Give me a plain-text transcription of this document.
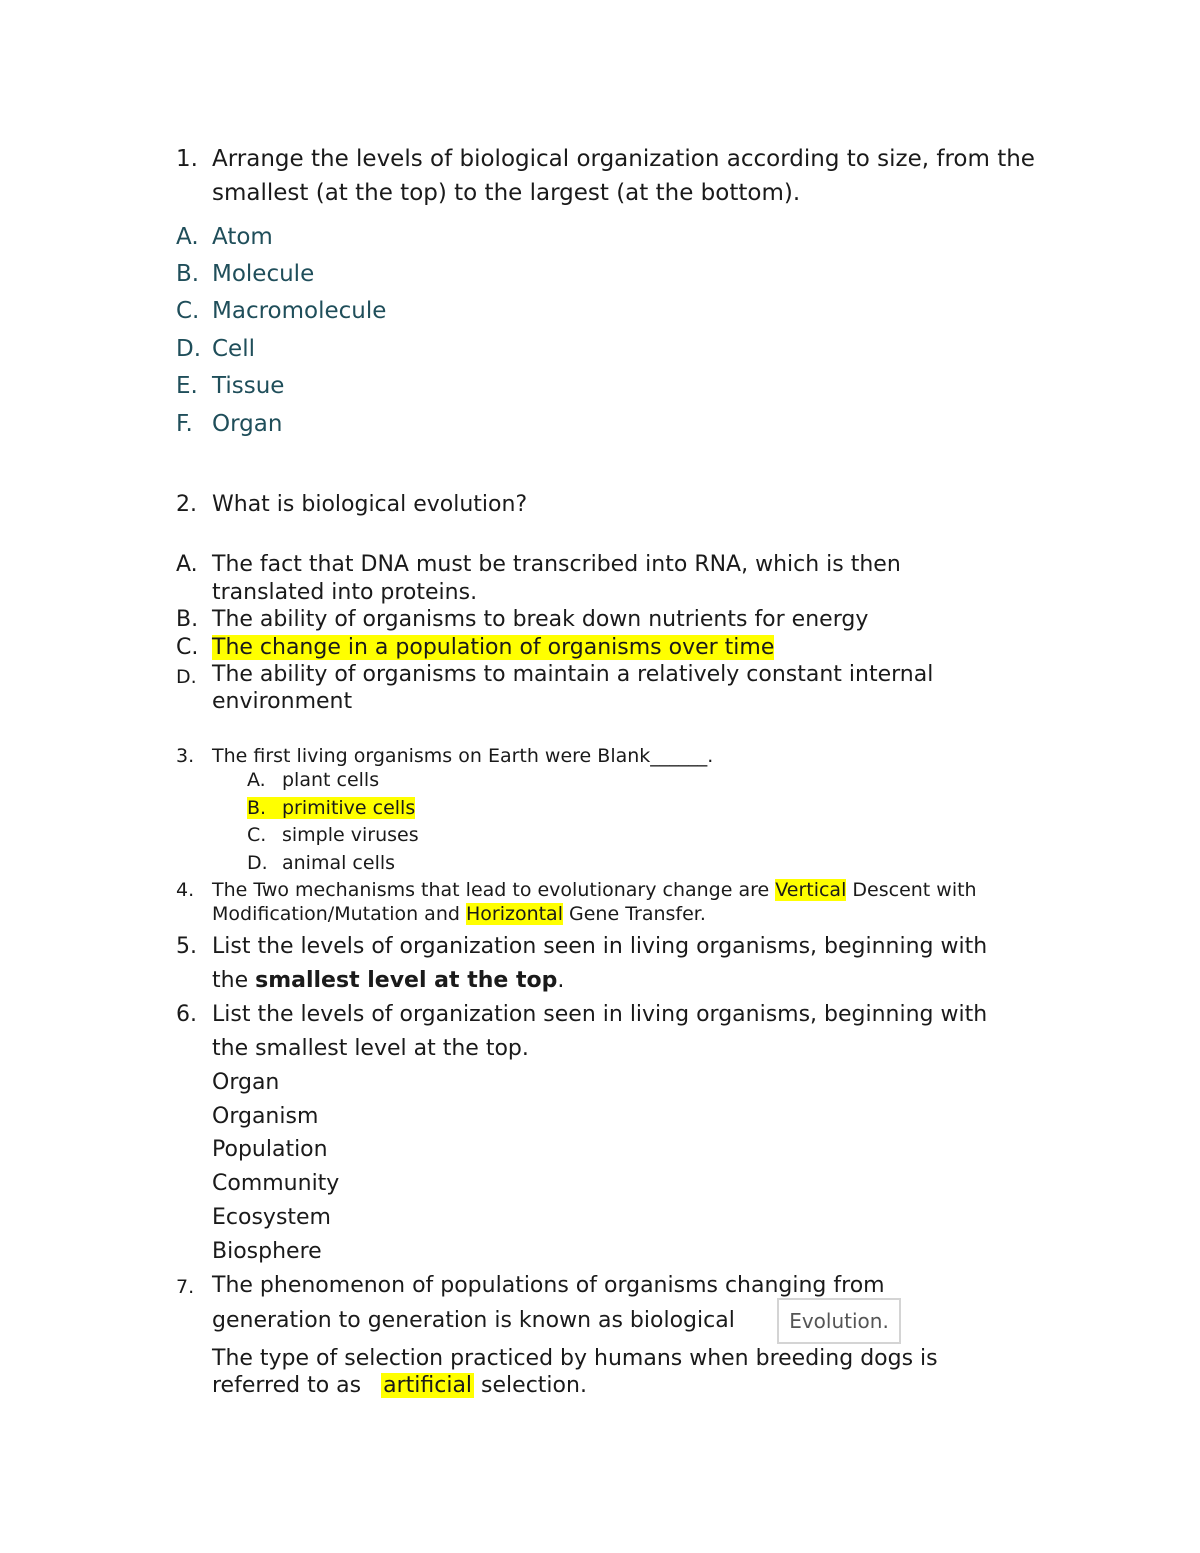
1. Arrange the levels of biological organization according to size, from the
smallest (at the top) to the largest (at the bottom).
A. Atom
B. Molecule
C. Macromolecule
D. Cell
E. Tissue
F. Organ
2. What is biological evolution?
A. The fact that DNA must be transcribed into RNA, which is then
translated into proteins.
B. The ability of organisms to break down nutrients for energy
C. The change in a population of organisms over time
D. The ability of organisms to maintain a relatively constant internal
environment
3. The first living organisms on Earth were Blank______.
A. plant cells
B. primitive cells
C. simple viruses
D. animal cells
4. The Two mechanisms that lead to evolutionary change are Vertical Descent with
Modification/Mutation and Horizontal Gene Transfer.
5. List the levels of organization seen in living organisms, beginning with
the smallest level at the top.
6. List the levels of organization seen in living organisms, beginning with
the smallest level at the top.
Organ
Organism
Population
Community
Ecosystem
Biosphere
7. The phenomenon of populations of organisms changing from
generation to generation is known as biological	Evolution.
The type of selection practiced by humans when breeding dogs is
referred to as artificial selection.
